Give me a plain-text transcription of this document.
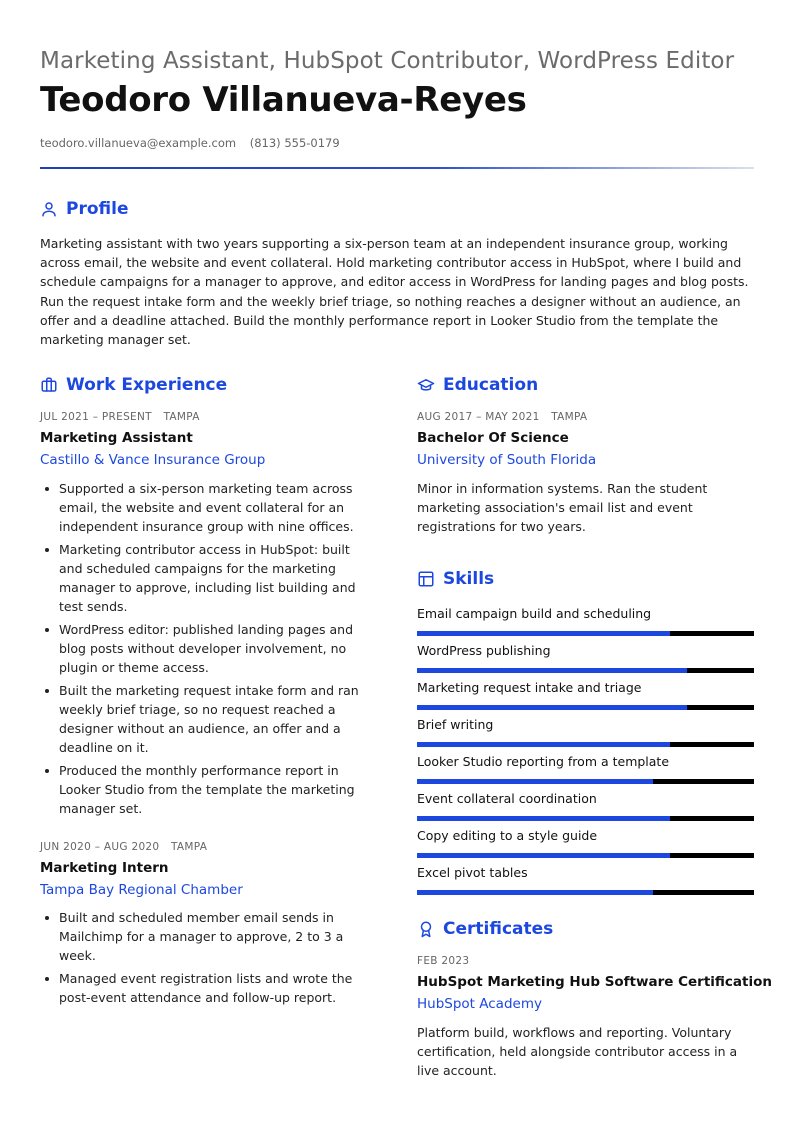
Marketing Assistant, HubSpot Contributor, WordPress Editor
Teodoro Villanueva-Reyes
teodoro.villanueva@example.com (813) 555-0179
Profile
Marketing assistant with two years supporting a six-person team at an independent insurance group, working across email, the website and event collateral. Hold marketing contributor access in HubSpot, where I build and schedule campaigns for a manager to approve, and editor access in WordPress for landing pages and blog posts. Run the request intake form and the weekly brief triage, so nothing reaches a designer without an audience, an offer and a deadline attached. Build the monthly performance report in Looker Studio from the template the marketing manager set.
Work Experience
JUL 2021 – PRESENT TAMPA
Marketing Assistant
Castillo & Vance Insurance Group
Supported a six-person marketing team across email, the website and event collateral for an independent insurance group with nine offices.
Marketing contributor access in HubSpot: built and scheduled campaigns for the marketing manager to approve, including list building and test sends.
WordPress editor: published landing pages and blog posts without developer involvement, no plugin or theme access.
Built the marketing request intake form and ran weekly brief triage, so no request reached a designer without an audience, an offer and a deadline on it.
Produced the monthly performance report in Looker Studio from the template the marketing manager set.
JUN 2020 – AUG 2020 TAMPA
Marketing Intern
Tampa Bay Regional Chamber
Built and scheduled member email sends in Mailchimp for a manager to approve, 2 to 3 a week.
Managed event registration lists and wrote the post-event attendance and follow-up report.
Education
AUG 2017 – MAY 2021 TAMPA
Bachelor Of Science
University of South Florida
Minor in information systems. Ran the student marketing association's email list and event registrations for two years.
Skills
Email campaign build and scheduling
WordPress publishing
Marketing request intake and triage
Brief writing
Looker Studio reporting from a template
Event collateral coordination
Copy editing to a style guide
Excel pivot tables
Certificates
FEB 2023
HubSpot Marketing Hub Software Certification
HubSpot Academy
Platform build, workflows and reporting. Voluntary certification, held alongside contributor access in a live account.
